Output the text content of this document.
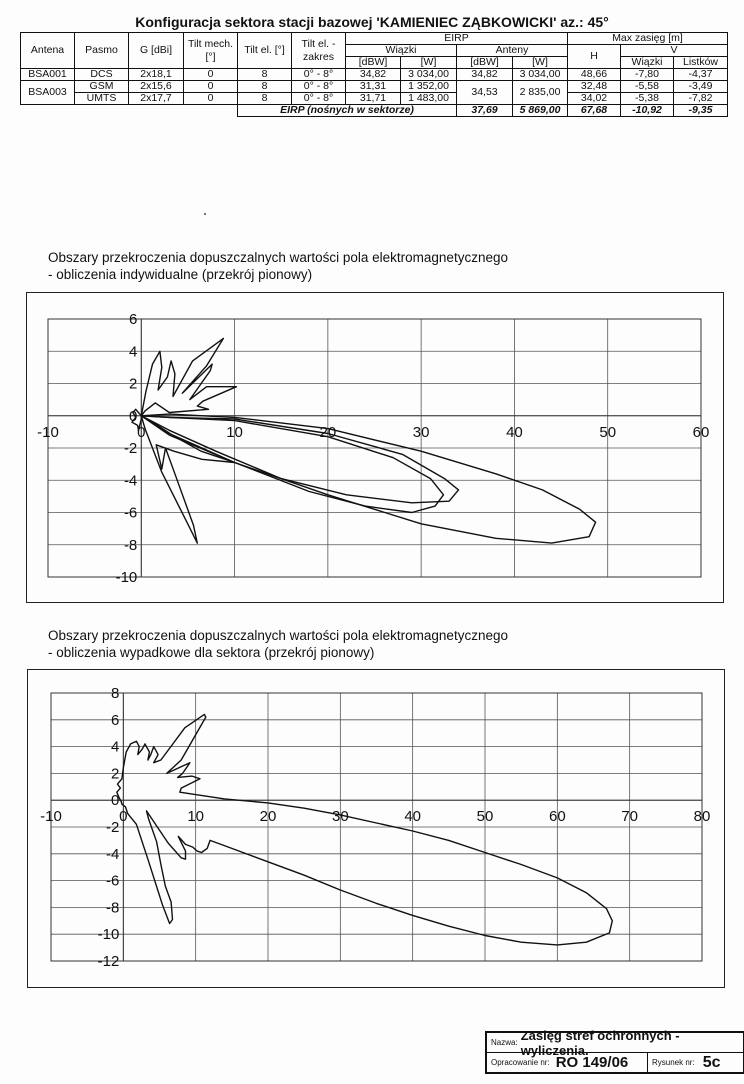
Konfiguracja sektora stacji bazowej 'KAMIENIEC ZĄBKOWICKI' az.: 45°
Antena	Pasmo	G [dBi]	Tilt mech. [°]	Tilt el. [°]	Tilt el. - zakres	EIRP				Max zasięg [m]		
						Wiązki		Anteny		H	V	
						[dBW]	[W]	[dBW]	[W]		Wiązki	Listków
BSA001	DCS	2x18,1	0	8	0° - 8°	34,82	3 034,00	34,82	3 034,00	48,66	-7,80	-4,37
BSA003	GSM	2x15,6	0	8	0° - 8°	31,31	1 352,00	34,53	2 835,00	32,48	-5,58	-3,49
	UMTS	2x17,7	0	8	0° - 8°	31,71	1 483,00			34,02	-5,38	-7,82
				EIRP (nośnych w sektorze)				37,69	5 869,00	67,68	-10,92	-9,35
Obszary przekroczenia dopuszczalnych wartości pola elektromagnetycznego
- obliczenia indywidualne (przekrój pionowy)
-10	0	10	20	30	40	50	60
-10
-8
-6
-4
-2
0
2
4
6
Obszary przekroczenia dopuszczalnych wartości pola elektromagnetycznego
- obliczenia wypadkowe dla sektora (przekrój pionowy)
-10	0	10	20	30	40	50	60	70	80
-12
-10
-8
-6
-4
-2
0
2
4
6
8
Nazwa: Zasięg stref ochronnych - wyliczenia.
Opracowanie nr: RO 149/06	Rysunek nr: 5c
